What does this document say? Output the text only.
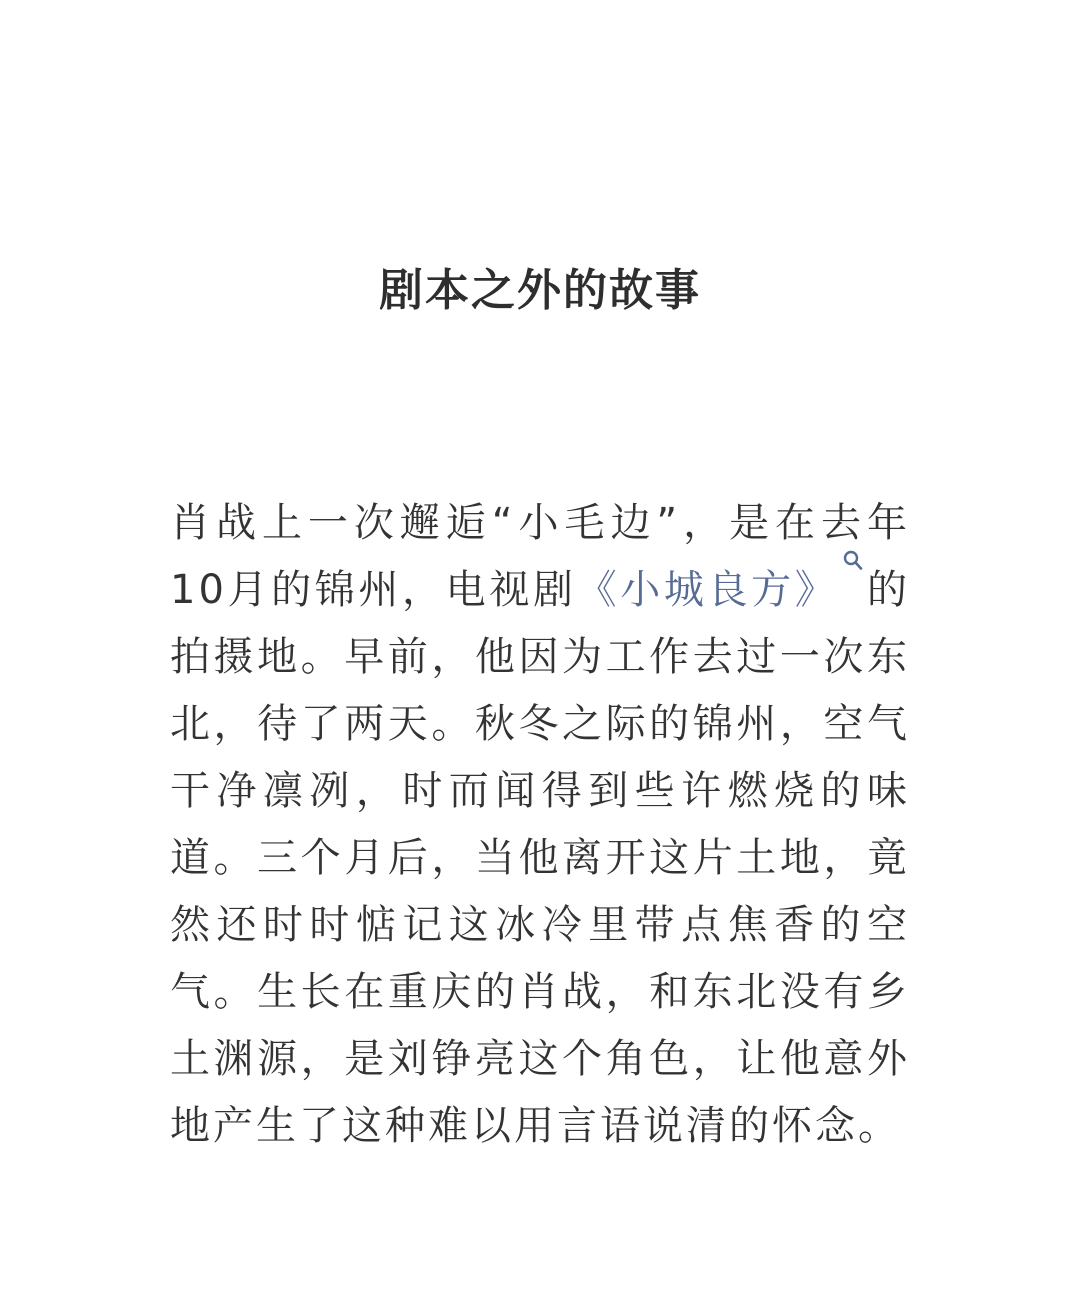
剧本之外的故事

肖战上一次邂逅“小毛边”，是在去年10月的锦州，电视剧《小城良方》 的拍摄地。早前，他因为工作去过一次东北，待了两天。秋冬之际的锦州，空气干净凛冽，时而闻得到些许燃烧的味道。三个月后，当他离开这片土地，竟然还时时惦记这冰冷里带点焦香的空气。生长在重庆的肖战，和东北没有乡土渊源，是刘铮亮这个角色，让他意外地产生了这种难以用言语说清的怀念。
